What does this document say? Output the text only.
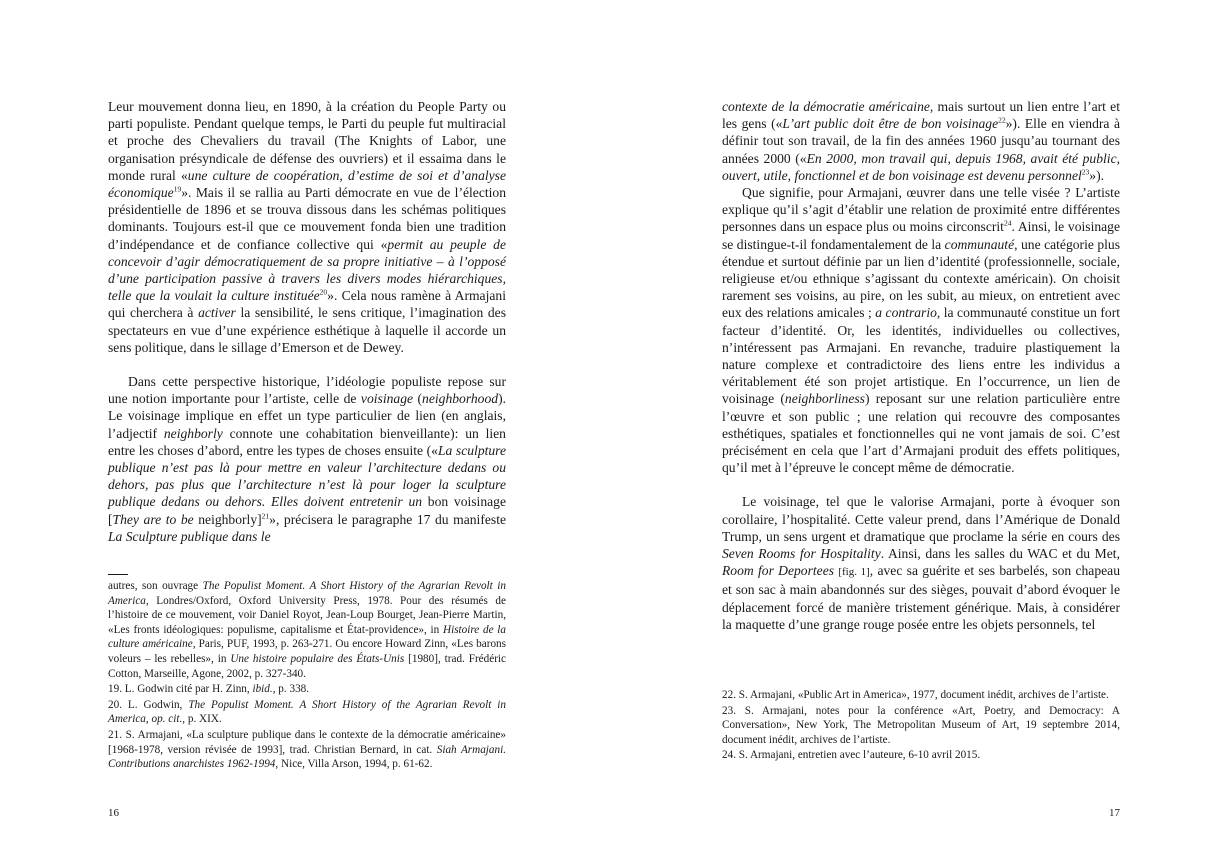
Leur mouvement donna lieu, en 1890, à la création du People Party ou parti populiste. Pendant quelque temps, le Parti du peuple fut multiracial et proche des Chevaliers du travail (The Knights of Labor, une organisation présyndicale de défense des ouvriers) et il essaima dans le monde rural «une culture de coopération, d’estime de soi et d’analyse économique$^{19}$». Mais il se rallia au Parti démocrate en vue de l’élection présidentielle de 1896 et se trouva dissous dans les schémas politiques dominants. Toujours est-il que ce mouvement fonda bien une tradition d’indépendance et de confiance collective qui «permit au peuple de concevoir d’agir démocratiquement de sa propre initiative – à l’opposé d’une participation passive à travers les divers modes hiérarchiques, telle que la voulait la culture instituée$^{20}$». Cela nous ramène à Armajani qui cherchera à activer la sensibilité, le sens critique, l’imagination des spectateurs en vue d’une expérience esthétique à laquelle il accorde un sens politique, dans le sillage d’Emerson et de Dewey.

Dans cette perspective historique, l’idéologie populiste repose sur une notion importante pour l’artiste, celle de voisinage (neighborhood). Le voisinage implique en effet un type particulier de lien (en anglais, l’adjectif neighborly connote une cohabitation bienveillante): un lien entre les choses d’abord, entre les types de choses ensuite («La sculpture publique n’est pas là pour mettre en valeur l’architecture dedans ou dehors, pas plus que l’architecture n’est là pour loger la sculpture publique dedans ou dehors. Elles doivent entretenir un bon voisinage [They are to be neighborly]$^{21}$», précisera le paragraphe 17 du manifeste La Sculpture publique dans le

autres, son ouvrage The Populist Moment. A Short History of the Agrarian Revolt in America, Londres/Oxford, Oxford University Press, 1978. Pour des résumés de l’histoire de ce mouvement, voir Daniel Royot, Jean-Loup Bourget, Jean-Pierre Martin, «Les fronts idéologiques: populisme, capitalisme et État-providence», in Histoire de la culture américaine, Paris, PUF, 1993, p. 263-271. Ou encore Howard Zinn, «Les barons voleurs – les rebelles», in Une histoire populaire des États-Unis [1980], trad. Frédéric Cotton, Marseille, Agone, 2002, p. 327-340.

19. L. Godwin cité par H. Zinn, ibid., p. 338.

20. L. Godwin, The Populist Moment. A Short History of the Agrarian Revolt in America, op. cit., p. XIX.

21. S. Armajani, «La sculpture publique dans le contexte de la démocratie américaine» [1968-1978, version révisée de 1993], trad. Christian Bernard, in cat. Siah Armajani. Contributions anarchistes 1962-1994, Nice, Villa Arson, 1994, p. 61-62.

16

contexte de la démocratie américaine, mais surtout un lien entre l’art et les gens («L’art public doit être de bon voisinage$^{22}$»). Elle en viendra à définir tout son travail, de la fin des années 1960 jusqu’au tournant des années 2000 («En 2000, mon travail qui, depuis 1968, avait été public, ouvert, utile, fonctionnel et de bon voisinage est devenu personnel$^{23}$»).

Que signifie, pour Armajani, œuvrer dans une telle visée ? L’artiste explique qu’il s’agit d’établir une relation de proximité entre différentes personnes dans un espace plus ou moins circonscrit$^{24}$. Ainsi, le voisinage se distingue-t-il fondamentalement de la communauté, une catégorie plus étendue et surtout définie par un lien d’identité (professionnelle, sociale, religieuse et/ou ethnique s’agissant du contexte américain). On choisit rarement ses voisins, au pire, on les subit, au mieux, on entretient avec eux des relations amicales ; a contrario, la communauté constitue un fort facteur d’identité. Or, les identités, individuelles ou collectives, n’intéressent pas Armajani. En revanche, traduire plastiquement la nature complexe et contradictoire des liens entre les individus a véritablement été son projet artistique. En l’occurrence, un lien de voisinage (neighborliness) reposant sur une relation particulière entre l’œuvre et son public ; une relation qui recouvre des composantes esthétiques, spatiales et fonctionnelles qui ne vont jamais de soi. C’est précisément en cela que l’art d’Armajani produit des effets politiques, qu’il met à l’épreuve le concept même de démocratie.

Le voisinage, tel que le valorise Armajani, porte à évoquer son corollaire, l’hospitalité. Cette valeur prend, dans l’Amérique de Donald Trump, un sens urgent et dramatique que proclame la série en cours des Seven Rooms for Hospitality. Ainsi, dans les salles du WAC et du Met, Room for Deportees [fig. 1], avec sa guérite et ses barbelés, son chapeau et son sac à main abandonnés sur des sièges, pouvait d’abord évoquer le déplacement forcé de manière tristement générique. Mais, à considérer la maquette d’une grange rouge posée entre les objets personnels, tel

22. S. Armajani, «Public Art in America», 1977, document inédit, archives de l’artiste.

23. S. Armajani, notes pour la conférence «Art, Poetry, and Democracy: A Conversation», New York, The Metropolitan Museum of Art, 19 septembre 2014, document inédit, archives de l’artiste.

24. S. Armajani, entretien avec l’auteure, 6-10 avril 2015.

17
